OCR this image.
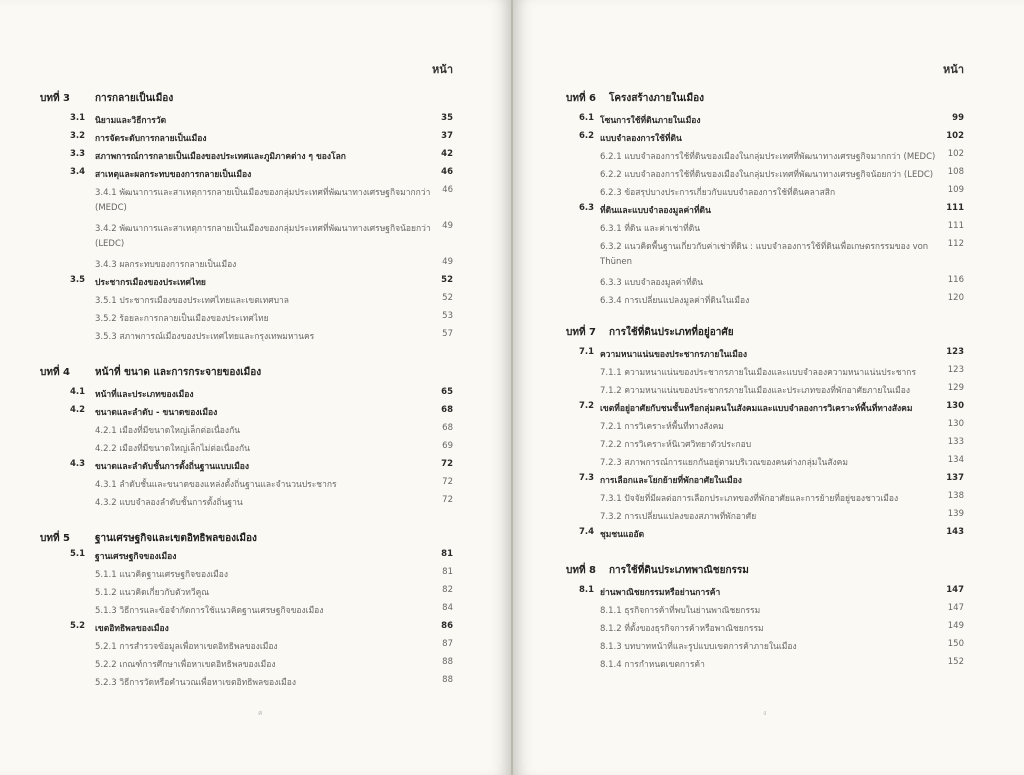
หน้า
บทที่ 3	การกลายเป็นเมือง
3.1 นิยามและวิธีการวัด	35
3.2 การจัดระดับการกลายเป็นเมือง	37
3.3 สภาพการณ์การกลายเป็นเมืองของประเทศและภูมิภาคต่าง ๆ ของโลก	42
3.4 สาเหตุและผลกระทบของการกลายเป็นเมือง	46
3.4.1 พัฒนาการและสาเหตุการกลายเป็นเมืองของกลุ่มประเทศที่พัฒนาทางเศรษฐกิจมากกว่า	46
(MEDC)
3.4.2 พัฒนาการและสาเหตุการกลายเป็นเมืองของกลุ่มประเทศที่พัฒนาทางเศรษฐกิจน้อยกว่า	49
(LEDC)
3.4.3 ผลกระทบของการกลายเป็นเมือง	49
3.5 ประชากรเมืองของประเทศไทย	52
3.5.1 ประชากรเมืองของประเทศไทยและเขตเทศบาล	52
3.5.2 ร้อยละการกลายเป็นเมืองของประเทศไทย	53
3.5.3 สภาพการณ์เมืองของประเทศไทยและกรุงเทพมหานคร	57
บทที่ 4	หน้าที่ ขนาด และการกระจายของเมือง
4.1 หน้าที่และประเภทของเมือง	65
4.2 ขนาดและลำดับ - ขนาดของเมือง	68
4.2.1 เมืองที่มีขนาดใหญ่เล็กต่อเนื่องกัน	68
4.2.2 เมืองที่มีขนาดใหญ่เล็กไม่ต่อเนื่องกัน	69
4.3 ขนาดและลำดับชั้นการตั้งถิ่นฐานแบบเมือง	72
4.3.1 ลำดับชั้นและขนาดของแหล่งตั้งถิ่นฐานและจำนวนประชากร	72
4.3.2 แบบจำลองลำดับชั้นการตั้งถิ่นฐาน	72
บทที่ 5	ฐานเศรษฐกิจและเขตอิทธิพลของเมือง
5.1 ฐานเศรษฐกิจของเมือง	81
5.1.1 แนวคิดฐานเศรษฐกิจของเมือง	81
5.1.2 แนวคิดเกี่ยวกับตัวทวีคูณ	82
5.1.3 วิธีการและข้อจำกัดการใช้แนวคิดฐานเศรษฐกิจของเมือง	84
5.2 เขตอิทธิพลของเมือง	86
5.2.1 การสำรวจข้อมูลเพื่อหาเขตอิทธิพลของเมือง	87
5.2.2 เกณฑ์การศึกษาเพื่อหาเขตอิทธิพลของเมือง	88
5.2.3 วิธีการวัดหรือคำนวณเพื่อหาเขตอิทธิพลของเมือง	88
ค
หน้า
บทที่ 6 โครงสร้างภายในเมือง
6.1 โซนการใช้ที่ดินภายในเมือง	99
6.2 แบบจำลองการใช้ที่ดิน	102
6.2.1 แบบจำลองการใช้ที่ดินของเมืองในกลุ่มประเทศที่พัฒนาทางเศรษฐกิจมากกว่า (MEDC)	102
6.2.2 แบบจำลองการใช้ที่ดินของเมืองในกลุ่มประเทศที่พัฒนาทางเศรษฐกิจน้อยกว่า (LEDC)	108
6.2.3 ข้อสรุปบางประการเกี่ยวกับแบบจำลองการใช้ที่ดินคลาสสิก	109
6.3 ที่ดินและแบบจำลองมูลค่าที่ดิน	111
6.3.1 ที่ดิน และค่าเช่าที่ดิน	111
6.3.2 แนวคิดพื้นฐานเกี่ยวกับค่าเช่าที่ดิน : แบบจำลองการใช้ที่ดินเพื่อเกษตรกรรมของ von	112
Thünen
6.3.3 แบบจำลองมูลค่าที่ดิน	116
6.3.4 การเปลี่ยนแปลงมูลค่าที่ดินในเมือง	120
บทที่ 7 การใช้ที่ดินประเภทที่อยู่อาศัย
7.1 ความหนาแน่นของประชากรภายในเมือง	123
7.1.1 ความหนาแน่นของประชากรภายในเมืองและแบบจำลองความหนาแน่นประชากร	123
7.1.2 ความหนาแน่นของประชากรภายในเมืองและประเภทของที่พักอาศัยภายในเมือง	129
7.2 เขตที่อยู่อาศัยกับชนชั้นหรือกลุ่มคนในสังคมและแบบจำลองการวิเคราะห์พื้นที่ทางสังคม	130
7.2.1 การวิเคราะห์พื้นที่ทางสังคม	130
7.2.2 การวิเคราะห์นิเวศวิทยาตัวประกอบ	133
7.2.3 สภาพการณ์การแยกกันอยู่ตามบริเวณของคนต่างกลุ่มในสังคม	134
7.3 การเลือกและโยกย้ายที่พักอาศัยในเมือง	137
7.3.1 ปัจจัยที่มีผลต่อการเลือกประเภทของที่พักอาศัยและการย้ายที่อยู่ของชาวเมือง	138
7.3.2 การเปลี่ยนแปลงของสภาพที่พักอาศัย	139
7.4 ชุมชนแออัด	143
บทที่ 8 การใช้ที่ดินประเภทพาณิชยกรรม
8.1 ย่านพาณิชยกรรมหรือย่านการค้า	147
8.1.1 ธุรกิจการค้าที่พบในย่านพาณิชยกรรม	147
8.1.2 ที่ตั้งของธุรกิจการค้าหรือพาณิชยกรรม	149
8.1.3 บทบาทหน้าที่และรูปแบบเขตการค้าภายในเมือง	150
8.1.4 การกำหนดเขตการค้า	152
ง
